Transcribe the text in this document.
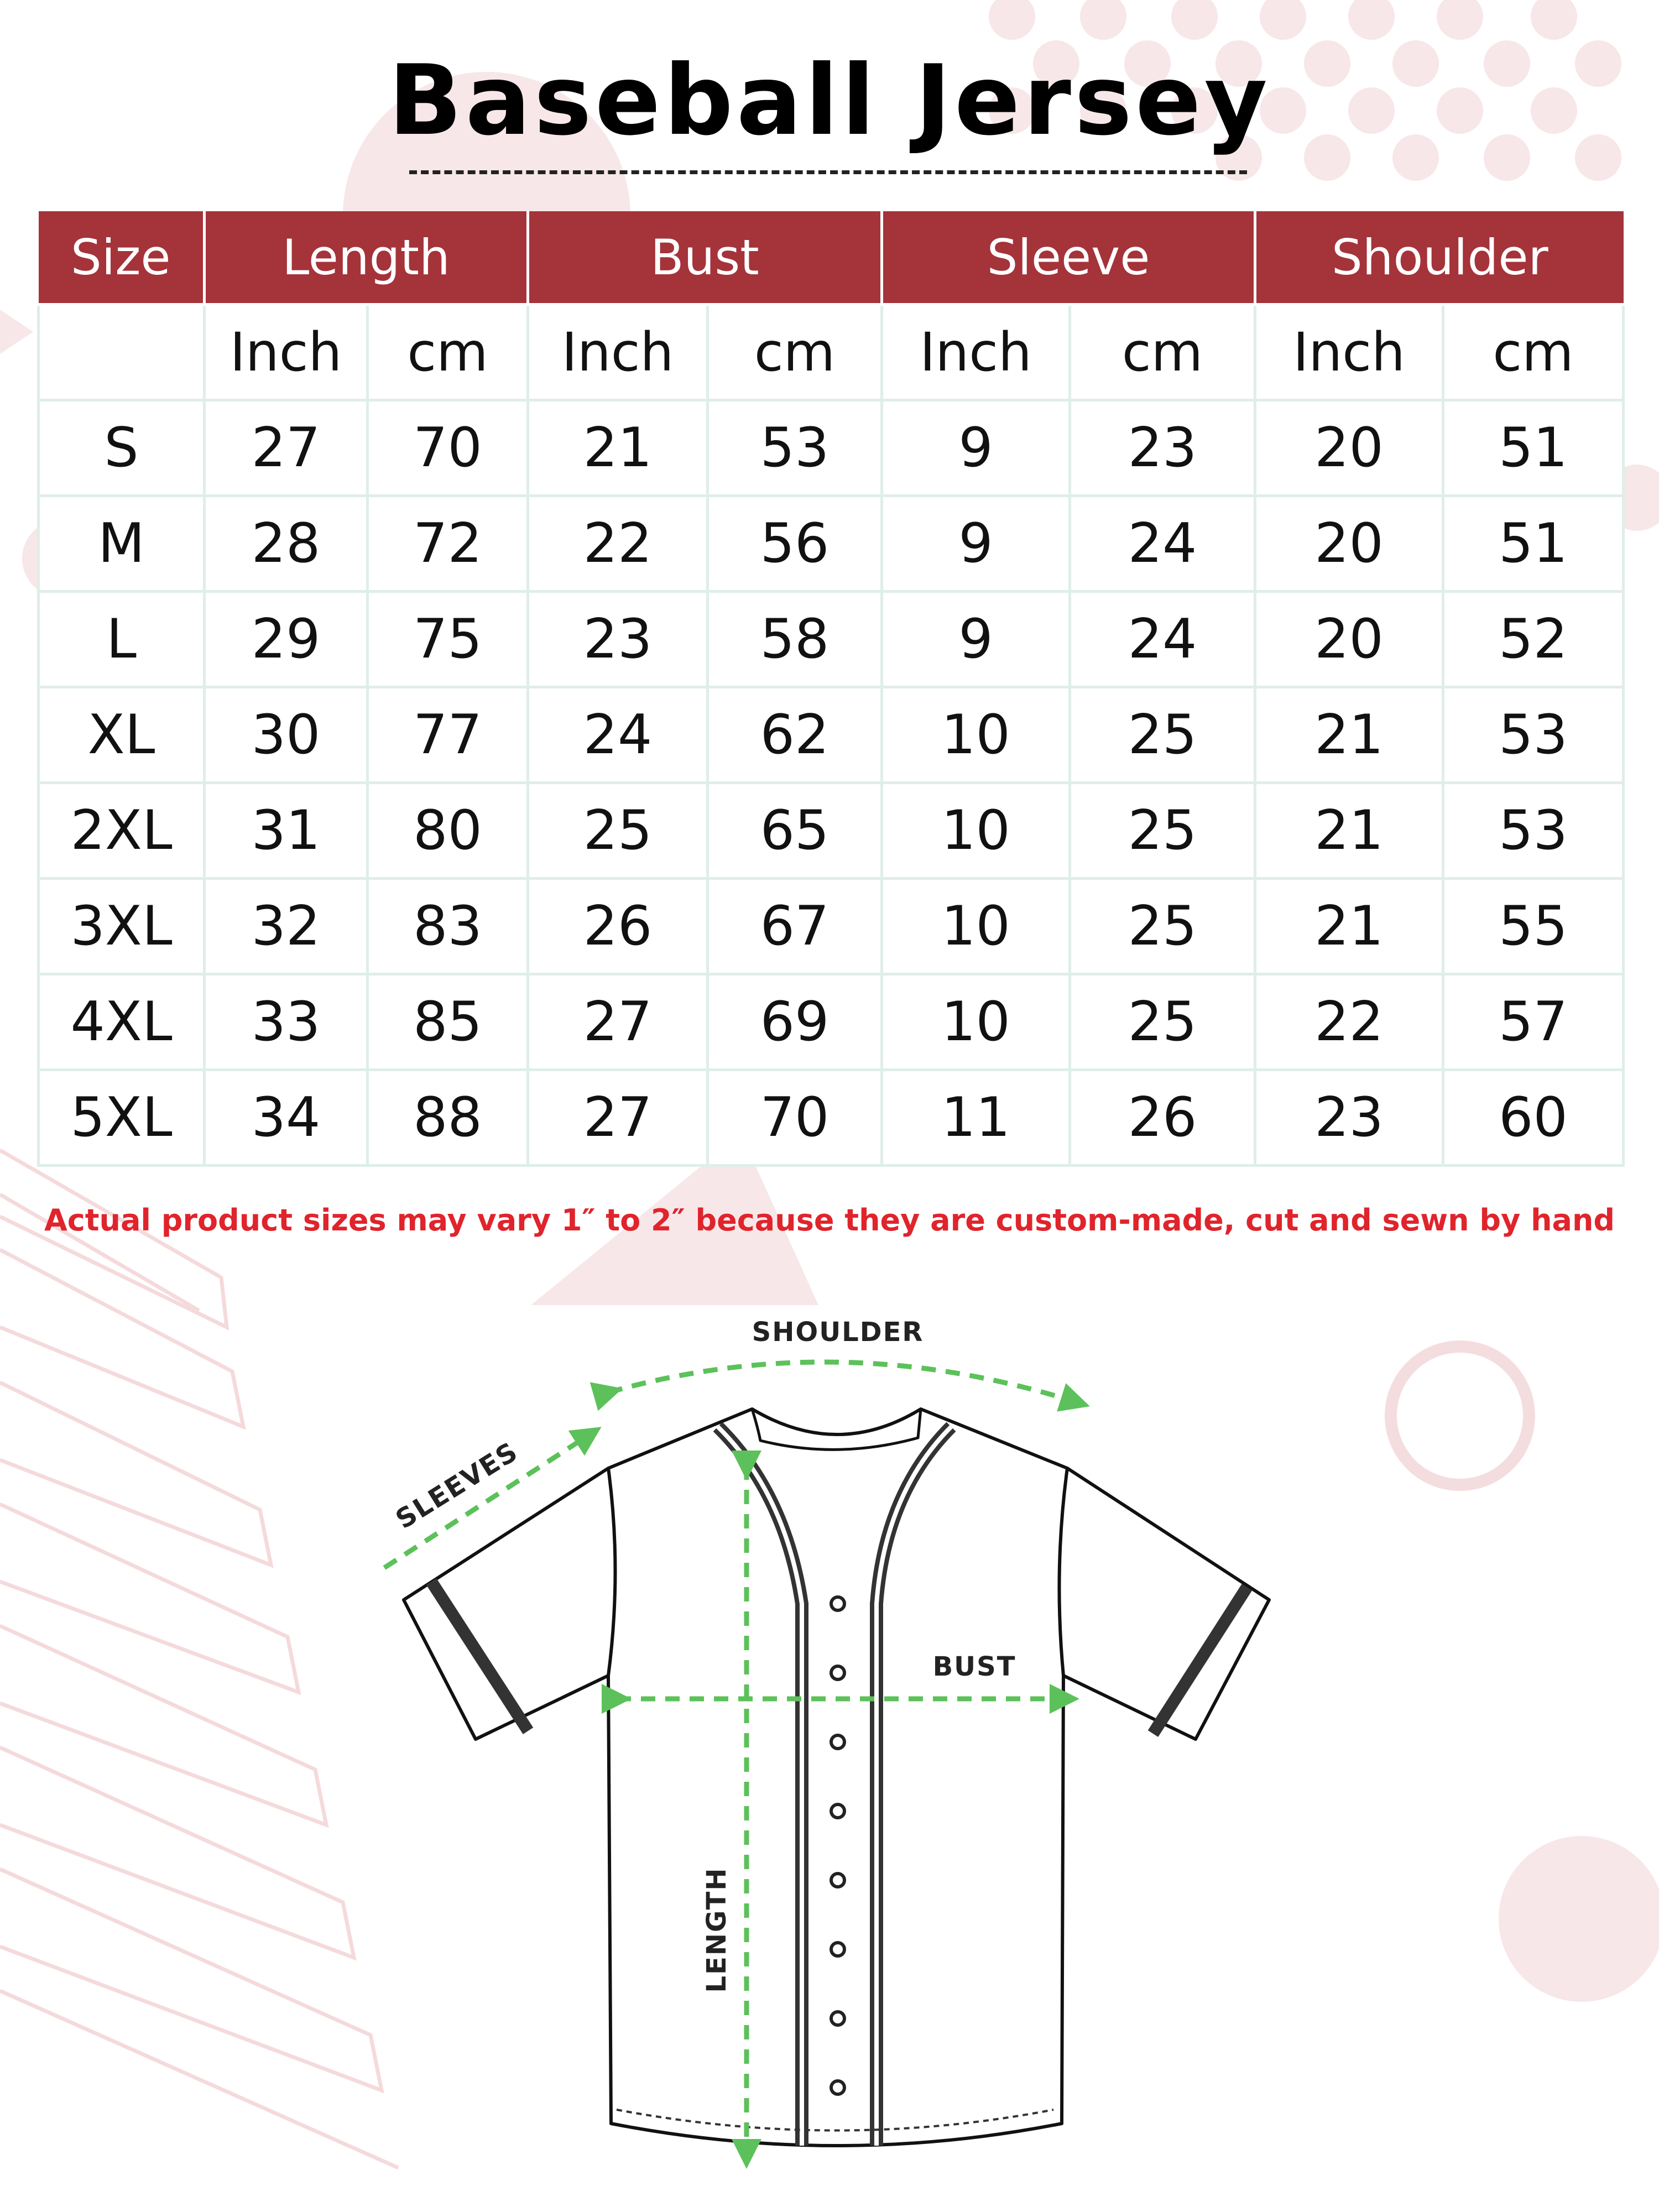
Baseball Jersey
Size	Length		Bust		Sleeve		Shoulder	
	Inch	cm	Inch	cm	Inch	cm	Inch	cm
S	27	70	21	53	9	23	20	51
M	28	72	22	56	9	24	20	51
L	29	75	23	58	9	24	20	52
XL	30	77	24	62	10	25	21	53
2XL	31	80	25	65	10	25	21	53
3XL	32	83	26	67	10	25	21	55
4XL	33	85	27	69	10	25	22	57
5XL	34	88	27	70	11	26	23	60
Actual product sizes may vary 1″ to 2″ because they are custom-made, cut and sewn by hand
SHOULDER
SLEEVES
BUST
LENGTH
